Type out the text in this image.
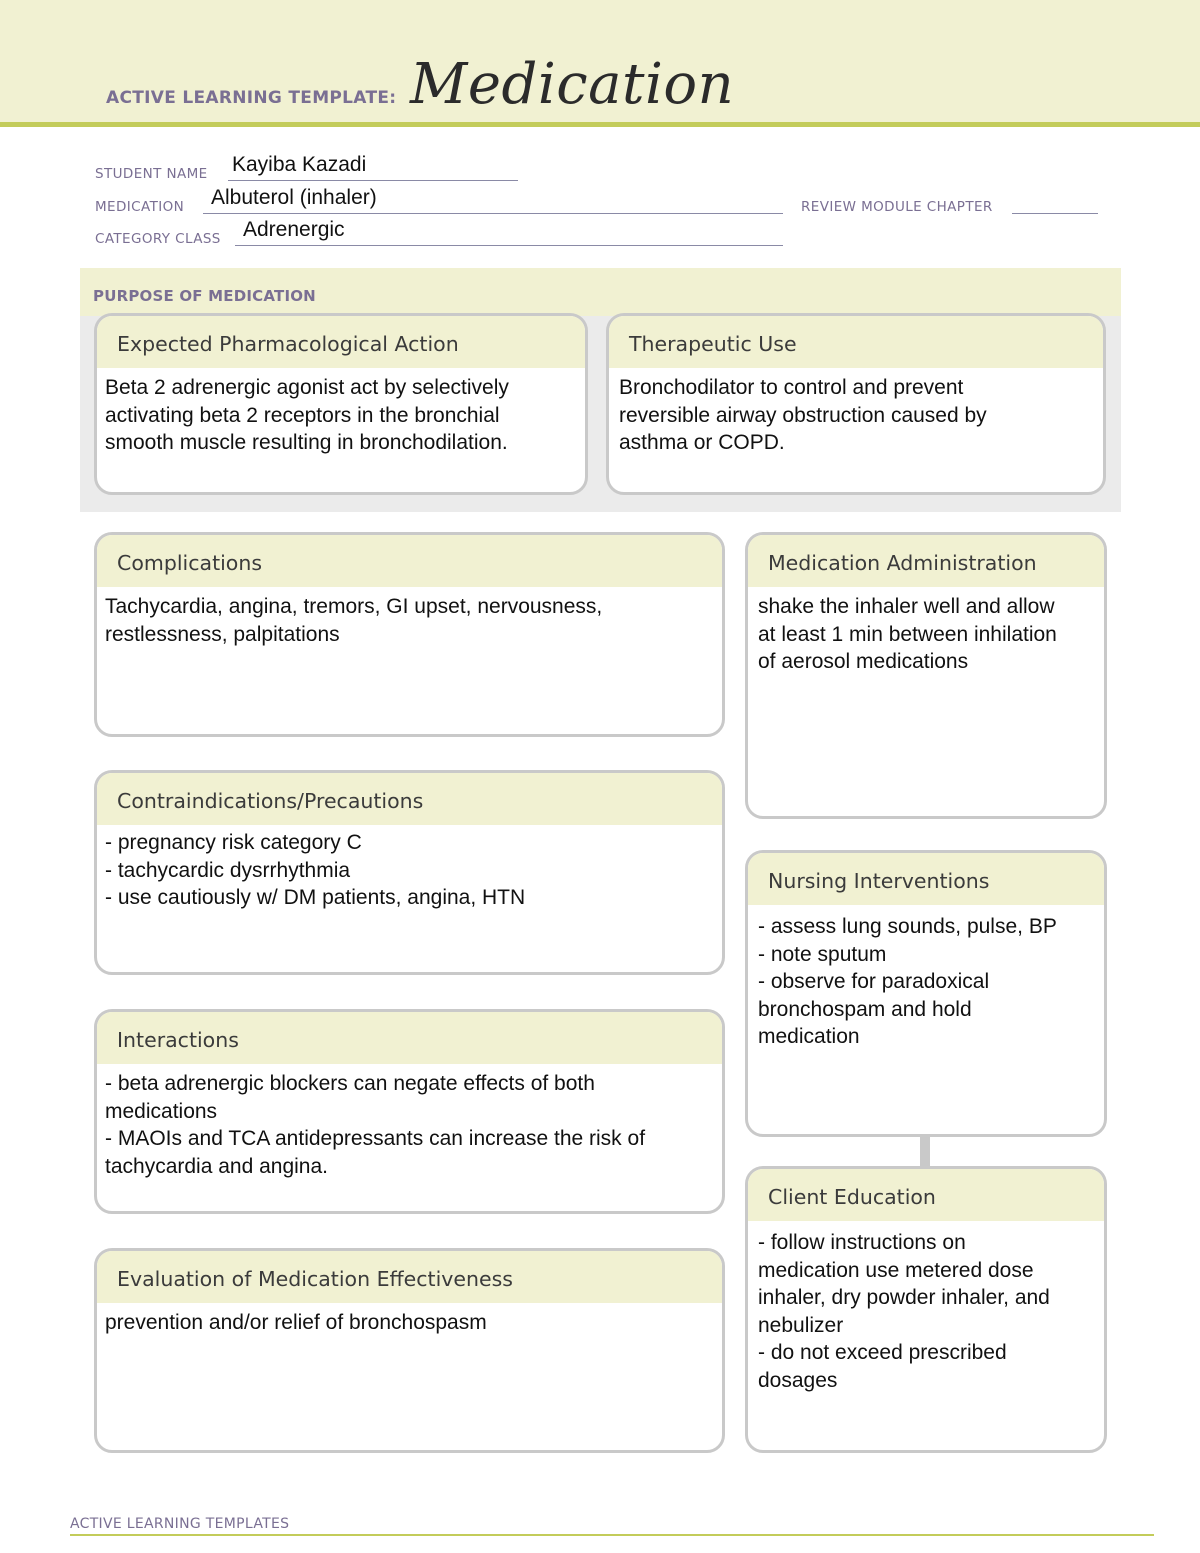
ACTIVE LEARNING TEMPLATE: Medication
STUDENT NAME Kayiba Kazadi
MEDICATION Albuterol (inhaler)	REVIEW MODULE CHAPTER
CATEGORY CLASS Adrenergic
PURPOSE OF MEDICATION
Expected Pharmacological Action
Beta 2 adrenergic agonist act by selectively
activating beta 2 receptors in the bronchial
smooth muscle resulting in bronchodilation.
Therapeutic Use
Bronchodilator to control and prevent
reversible airway obstruction caused by
asthma or COPD.
Complications
Tachycardia, angina, tremors, GI upset, nervousness,
restlessness, palpitations
Contraindications/Precautions
- pregnancy risk category C
- tachycardic dysrrhythmia
- use cautiously w/ DM patients, angina, HTN
Interactions
- beta adrenergic blockers can negate effects of both
medications
- MAOIs and TCA antidepressants can increase the risk of
tachycardia and angina.
Evaluation of Medication Effectiveness
prevention and/or relief of bronchospasm
Medication Administration
shake the inhaler well and allow
at least 1 min between inhilation
of aerosol medications
Nursing Interventions
- assess lung sounds, pulse, BP
- note sputum
- observe for paradoxical
bronchospam and hold
medication
Client Education
- follow instructions on
medication use metered dose
inhaler, dry powder inhaler, and
nebulizer
- do not exceed prescribed
dosages
ACTIVE LEARNING TEMPLATES
